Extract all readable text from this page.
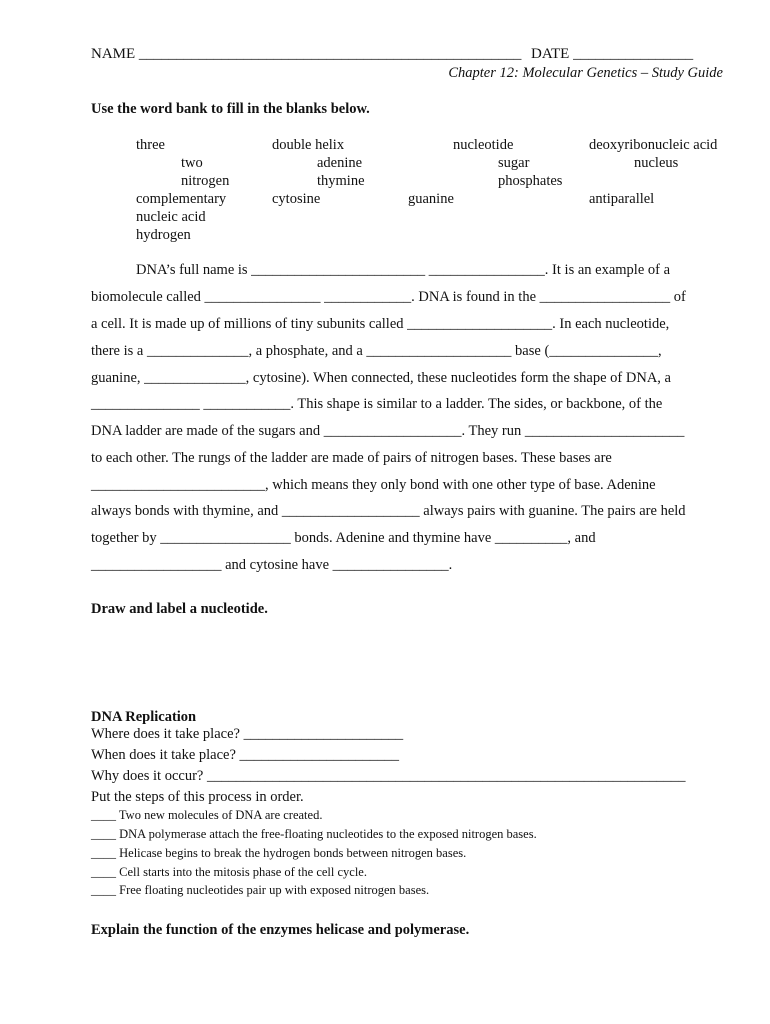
NAME ___________________________________________________ DATE ________________
Chapter 12: Molecular Genetics – Study Guide
Use the word bank to fill in the blanks below.
three	double helix	nucleotide	deoxyribonucleic acid
two	adenine	sugar	nucleus
nitrogen	thymine	phosphates
complementary	cytosine	guanine	antiparallel
nucleic acid
hydrogen
DNA’s full name is ________________________ ________________. It is an example of a
biomolecule called ________________ ____________. DNA is found in the __________________ of
a cell. It is made up of millions of tiny subunits called ____________________. In each nucleotide,
there is a ______________, a phosphate, and a ____________________ base (_______________,
guanine, ______________, cytosine). When connected, these nucleotides form the shape of DNA, a
_______________ ____________. This shape is similar to a ladder. The sides, or backbone, of the
DNA ladder are made of the sugars and ___________________. They run ______________________
to each other. The rungs of the ladder are made of pairs of nitrogen bases. These bases are
________________________, which means they only bond with one other type of base. Adenine
always bonds with thymine, and ___________________ always pairs with guanine. The pairs are held
together by __________________ bonds. Adenine and thymine have __________, and
__________________ and cytosine have ________________.
Draw and label a nucleotide.
DNA Replication
Where does it take place? ______________________
When does it take place? ______________________
Why does it occur? __________________________________________________________________
Put the steps of this process in order.
____ Two new molecules of DNA are created.
____ DNA polymerase attach the free-floating nucleotides to the exposed nitrogen bases.
____ Helicase begins to break the hydrogen bonds between nitrogen bases.
____ Cell starts into the mitosis phase of the cell cycle.
____ Free floating nucleotides pair up with exposed nitrogen bases.
Explain the function of the enzymes helicase and polymerase.
